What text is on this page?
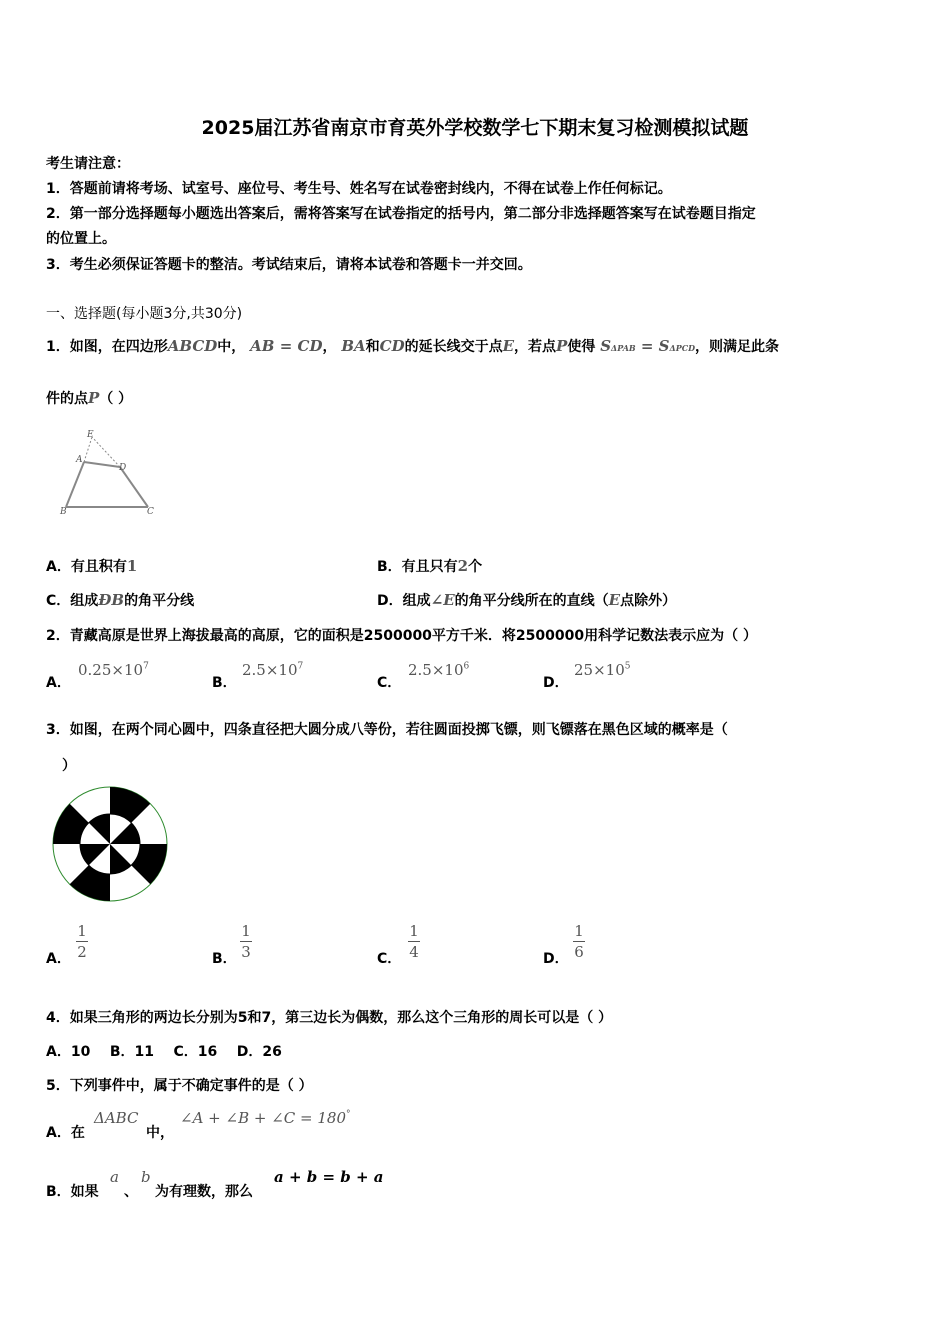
2025届江苏省南京市育英外学校数学七下期末复习检测模拟试题
考生请注意：
1．答题前请将考场、试室号、座位号、考生号、姓名写在试卷密封线内，不得在试卷上作任何标记。
2．第一部分选择题每小题选出答案后，需将答案写在试卷指定的括号内，第二部分非选择题答案写在试卷题目指定
的位置上。
3．考生必须保证答题卡的整洁。考试结束后，请将本试卷和答题卡一并交回。
一、选择题(每小题3分,共30分)
1．如图，在四边形ABCD中， AB = CD， BA和CD的延长线交于点E，若点P使得 SΔPAB = SΔPCD，则满足此条
件的点P（ ）
E
A
D
B	C
A．有且积有1	B．有且只有2个
C．组成ÐB的角平分线	D．组成∠E的角平分线所在的直线（E点除外）
2．青藏高原是世界上海拔最高的高原，它的面积是2500000平方千米．将2500000用科学记数法表示应为（ ）
A．
$0.25\times 10^7$
B．
$2.5\times 10^7$
C．
$2.5\times 10^6$
D．
$25\times 10^5$
3．如图，在两个同心圆中，四条直径把大圆分成八等份，若往圆面投掷飞镖，则飞镖落在黑色区域的概率是（
）
A．
1
2	B．
1
3	C．
1
4	D．
1
6
4．如果三角形的两边长分别为5和7，第三边长为偶数，那么这个三角形的周长可以是（ ）
A．10    B．11    C．16    D．26
5．下列事件中，属于不确定事件的是（ ）
A．在
ΔABC
中，
∠A + ∠B + ∠C = 180°
B．如果
a
、
b
为有理数，那么
a + b = b + a
